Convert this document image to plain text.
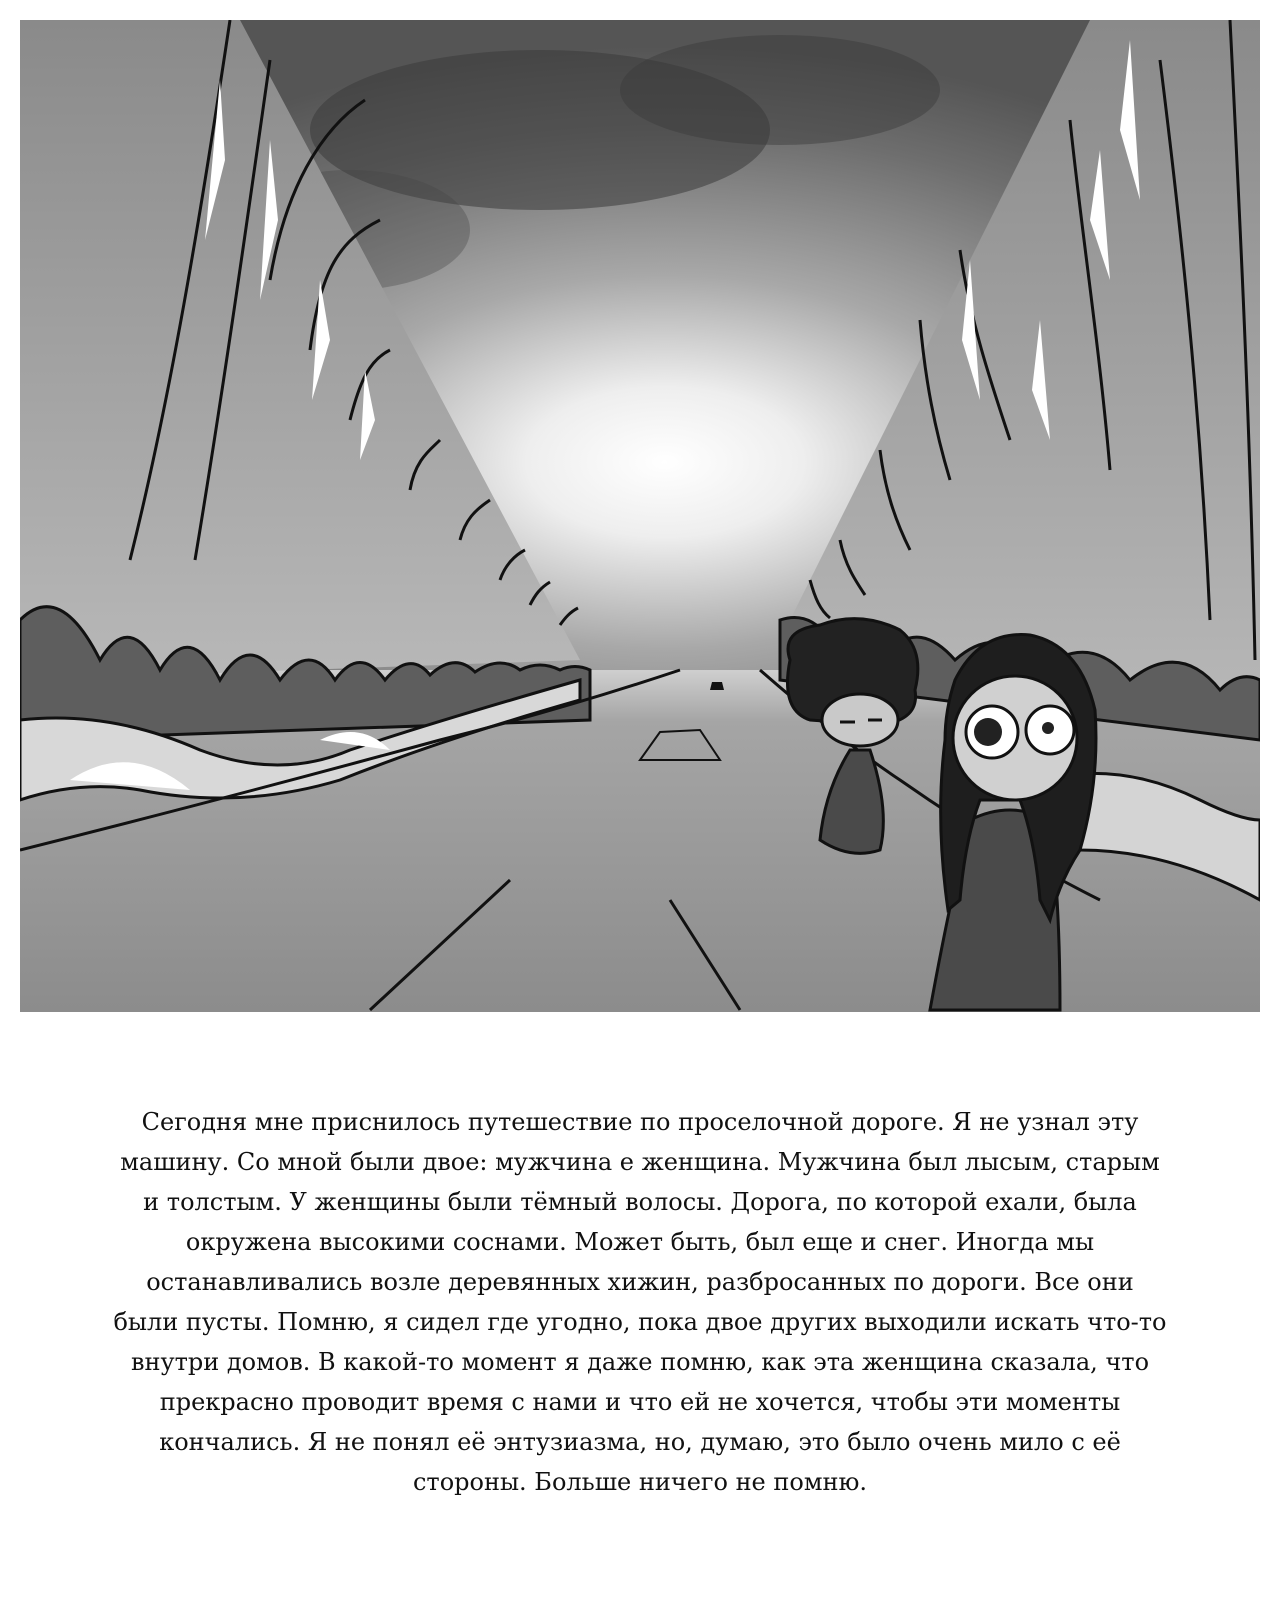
Сегодня мне приснилось путешествие по проселочной дороге. Я не узнал эту
машину. Со мной были двое: мужчина е женщина. Мужчина был лысым, старым
и толстым. У женщины были тёмный волосы. Дорога, по которой ехали, была
окружена высокими соснами. Может быть, был еще и снег. Иногда мы
останавливались возле деревянных хижин, разбросанных по дороги. Все они
были пусты. Помню, я сидел где угодно, пока двое других выходили искать что-то
внутри домов. В какой-то момент я даже помню, как эта женщина сказала, что
прекрасно проводит время с нами и что ей не хочется, чтобы эти моменты
кончались. Я не понял её энтузиазма, но, думаю, это было очень мило с её
стороны. Больше ничего не помню.
